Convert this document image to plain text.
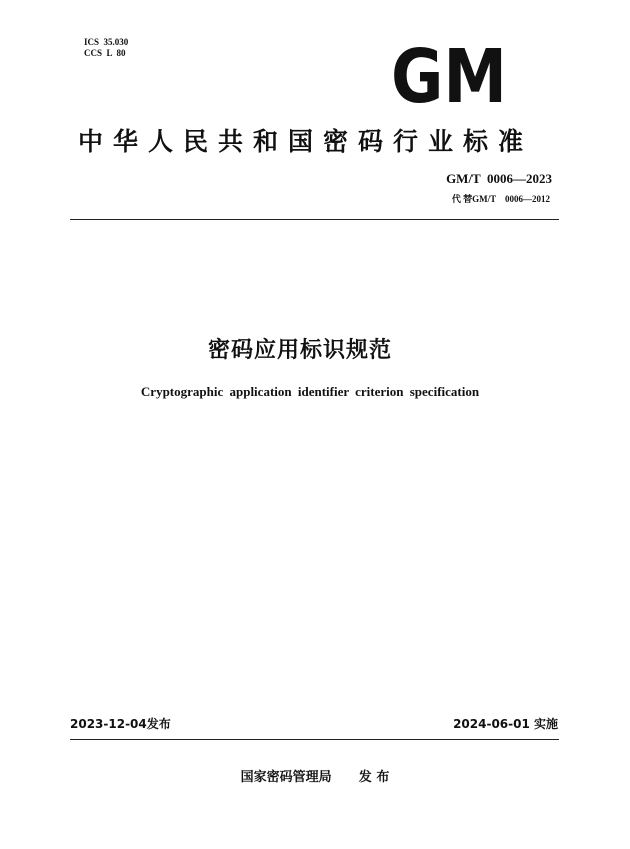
ICS  35.030
CCS  L  80	GM
中华人民共和国密码行业标准
GM/T  0006—2023
代 替GM/T    0006—2012
密码应用标识规范
Cryptographic application identifier criterion specification
2023-12-04发布	2024-06-01 实施
国家密码管理局      发 布
